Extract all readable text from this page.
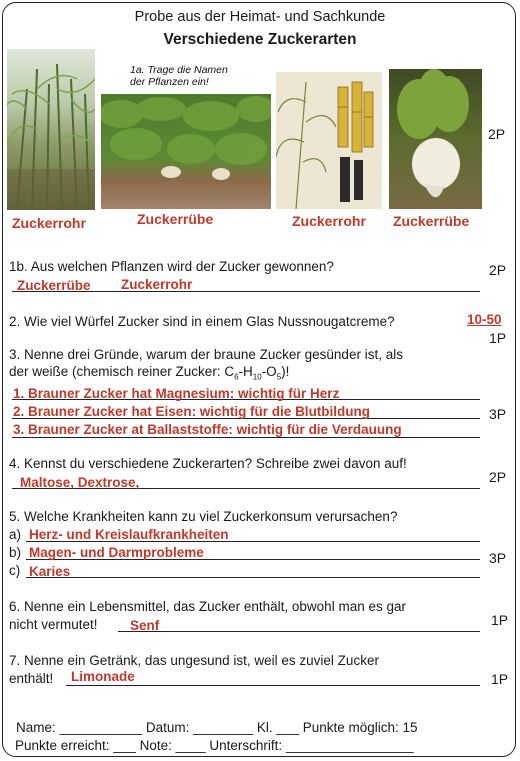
Probe aus der Heimat- und Sachkunde
Verschiedene Zuckerarten
1a. Trage die Namen
der Pflanzen ein!
Zuckerrohr	Zuckerrübe	Zuckerrohr Zuckerrübe
2P
1b. Aus welchen Pflanzen wird der Zucker gewonnen?
Zuckerrübe Zuckerrohr
2P
2. Wie viel Würfel Zucker sind in einem Glas Nussnougatcreme?	10-50
1P
3. Nenne drei Gründe, warum der braune Zucker gesünder ist, als
der weiße (chemisch reiner Zucker: $C_6-H_{10}-O_5$)!
1. Brauner Zucker hat Magnesium: wichtig für Herz
2. Brauner Zucker hat Eisen: wichtig für die Blutbildung
3. Brauner Zucker at Ballaststoffe: wichtig für die Verdauung
3P
4. Kennst du verschiedene Zuckerarten? Schreibe zwei davon auf!
Maltose, Dextrose,	2P
5. Welche Krankheiten kann zu viel Zuckerkonsum verursachen?
a)
b)
c)
Herz- und Kreislaufkrankheiten
Magen- und Darmprobleme
Karies
3P
6. Nenne ein Lebensmittel, das Zucker enthält, obwohl man es gar
nicht vermutet! Senf	1P
7. Nenne ein Getränk, das ungesund ist, weil es zuviel Zucker
enthält! Limonade	1P
Name: ___________ Datum: ________ Kl. ___ Punkte möglich: 15
Punkte erreicht: ___ Note: ____ Unterschrift: _________________
